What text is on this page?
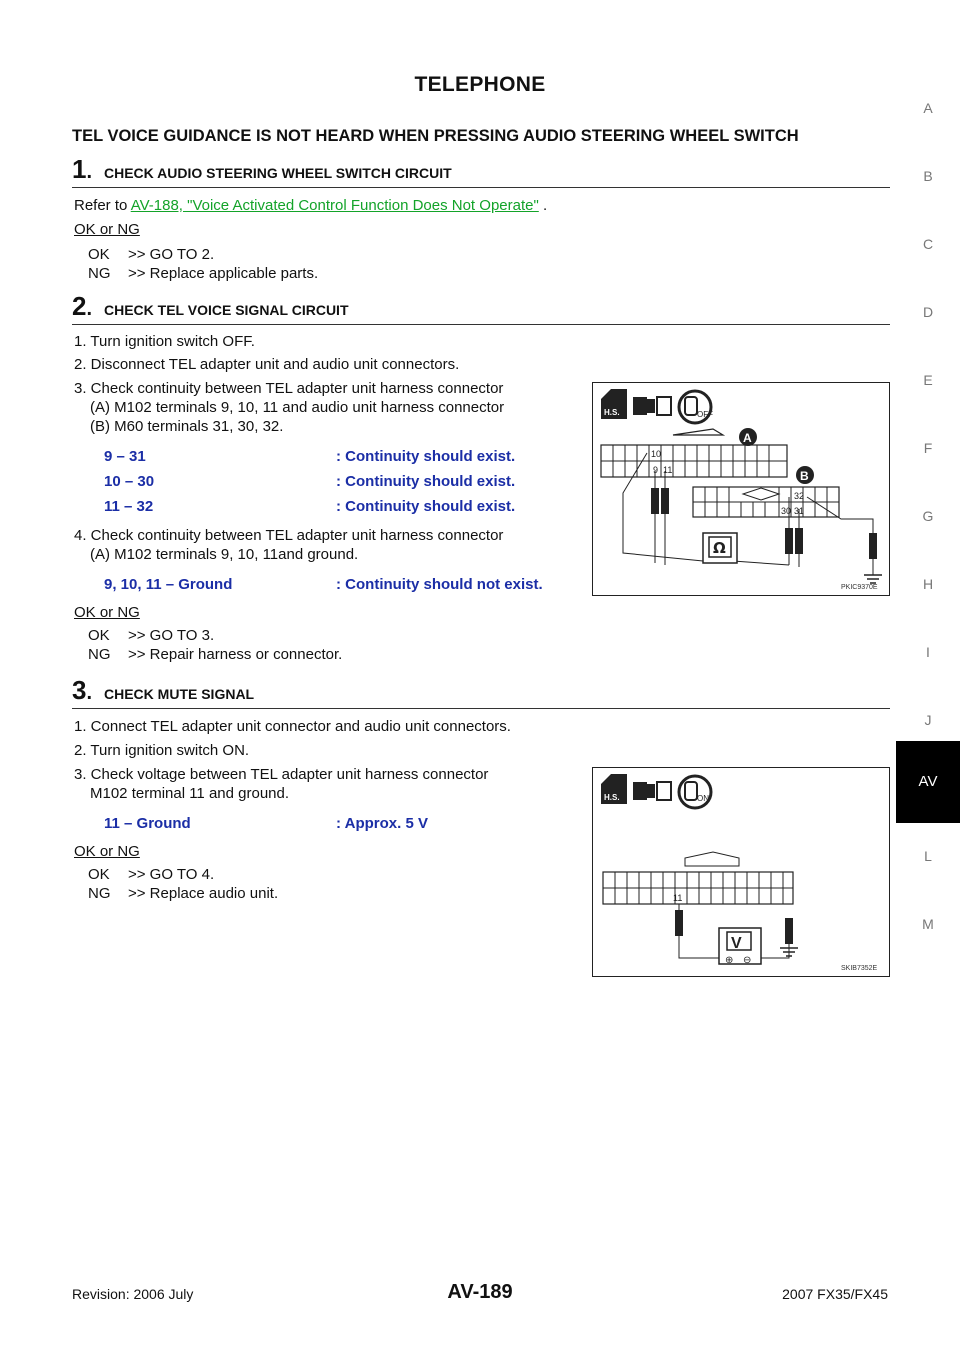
TELEPHONE
A
B
C
D
E
F
G
H
I
J
AV
L
M
TEL VOICE GUIDANCE IS NOT HEARD WHEN PRESSING AUDIO STEERING WHEEL SWITCH
1. CHECK AUDIO STEERING WHEEL SWITCH CIRCUIT
Refer to AV-188, "Voice Activated Control Function Does Not Operate" .
OK or NG
OK >> GO TO 2.
NG >> Replace applicable parts.
2. CHECK TEL VOICE SIGNAL CIRCUIT
1. Turn ignition switch OFF.
2. Disconnect TEL adapter unit and audio unit connectors.
3. Check continuity between TEL adapter unit harness connector
(A) M102 terminals 9, 10, 11 and audio unit harness connector
(B) M60 terminals 31, 30, 32.
9 – 31	: Continuity should exist.
10 – 30	: Continuity should exist.
11 – 32	: Continuity should exist.
4. Check continuity between TEL adapter unit harness connector
(A) M102 terminals 9, 10, 11and ground.
9, 10, 11 – Ground	: Continuity should not exist.
OK or NG
OK >> GO TO 3.
NG >> Repair harness or connector.
H.S.	OFF
10
9 11
A
B
32
30 31
Ω
PKIC9370E
3. CHECK MUTE SIGNAL
1. Connect TEL adapter unit connector and audio unit connectors.
2. Turn ignition switch ON.
3. Check voltage between TEL adapter unit harness connector
M102 terminal 11 and ground.
11 – Ground	: Approx. 5 V
OK or NG
OK >> GO TO 4.
NG >> Replace audio unit.
H.S.	ON
11
V
⊕ ⊖
SKIB7352E
Revision: 2006 July	AV-189	2007 FX35/FX45
